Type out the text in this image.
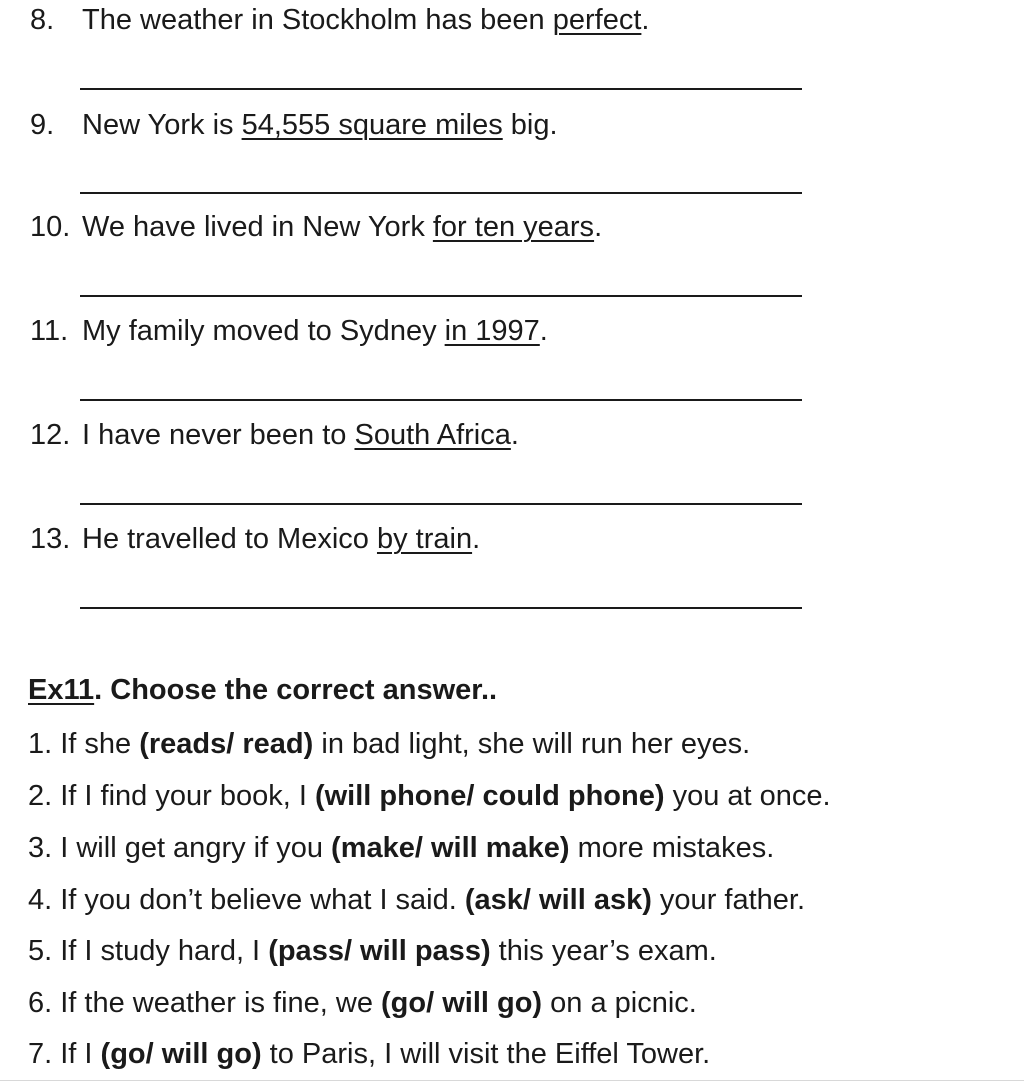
8. The weather in Stockholm has been perfect.
9. New York is 54,555 square miles big.
10. We have lived in New York for ten years.
11. My family moved to Sydney in 1997.
12. I have never been to South Africa.
13. He travelled to Mexico by train.
Ex11. Choose the correct answer..
1. If she (reads/ read) in bad light, she will run her eyes.
2. If I find your book, I (will phone/ could phone) you at once.
3. I will get angry if you (make/ will make) more mistakes.
4. If you don’t believe what I said. (ask/ will ask) your father.
5. If I study hard, I (pass/ will pass) this year’s exam.
6. If the weather is fine, we (go/ will go) on a picnic.
7. If I (go/ will go) to Paris, I will visit the Eiffel Tower.
